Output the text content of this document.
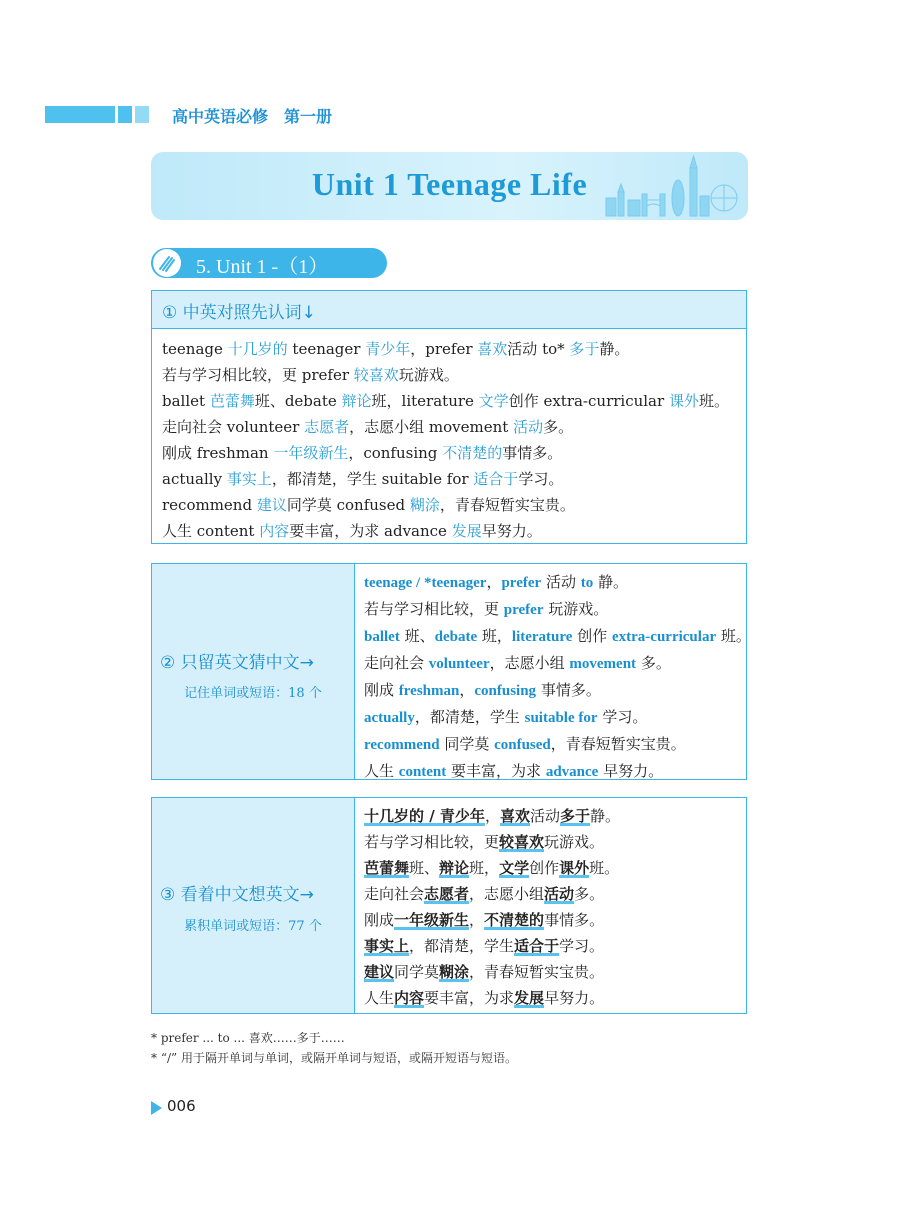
高中英语必修　第一册
Unit 1 Teenage Life
5. Unit 1 -（1）
① 中英对照先认词↓
teenage 十几岁的 teenager 青少年，prefer 喜欢活动 to* 多于静。
若与学习相比较，更 prefer 较喜欢玩游戏。
ballet 芭蕾舞班、debate 辩论班，literature 文学创作 extra-curricular 课外班。
走向社会 volunteer 志愿者，志愿小组 movement 活动多。
刚成 freshman 一年级新生，confusing 不清楚的事情多。
actually 事实上，都清楚，学生 suitable for 适合于学习。
recommend 建议同学莫 confused 糊涂，青春短暂实宝贵。
人生 content 内容要丰富，为求 advance 发展早努力。
② 只留英文猜中文→
记住单词或短语：18 个
teenage / *teenager，prefer 活动 to 静。
若与学习相比较，更 prefer 玩游戏。
ballet 班、debate 班，literature 创作 extra-curricular 班。
走向社会 volunteer，志愿小组 movement 多。
刚成 freshman，confusing 事情多。
actually，都清楚，学生 suitable for 学习。
recommend 同学莫 confused，青春短暂实宝贵。
人生 content 要丰富，为求 advance 早努力。
③ 看着中文想英文→
累积单词或短语：77 个
十几岁的 / 青少年，喜欢活动多于静。
若与学习相比较，更较喜欢玩游戏。
芭蕾舞班、辩论班，文学创作课外班。
走向社会志愿者，志愿小组活动多。
刚成一年级新生，不清楚的事情多。
事实上，都清楚，学生适合于学习。
建议同学莫糊涂，青春短暂实宝贵。
人生内容要丰富，为求发展早努力。
* prefer ... to ... 喜欢……多于……
* “/” 用于隔开单词与单词，或隔开单词与短语，或隔开短语与短语。
006
